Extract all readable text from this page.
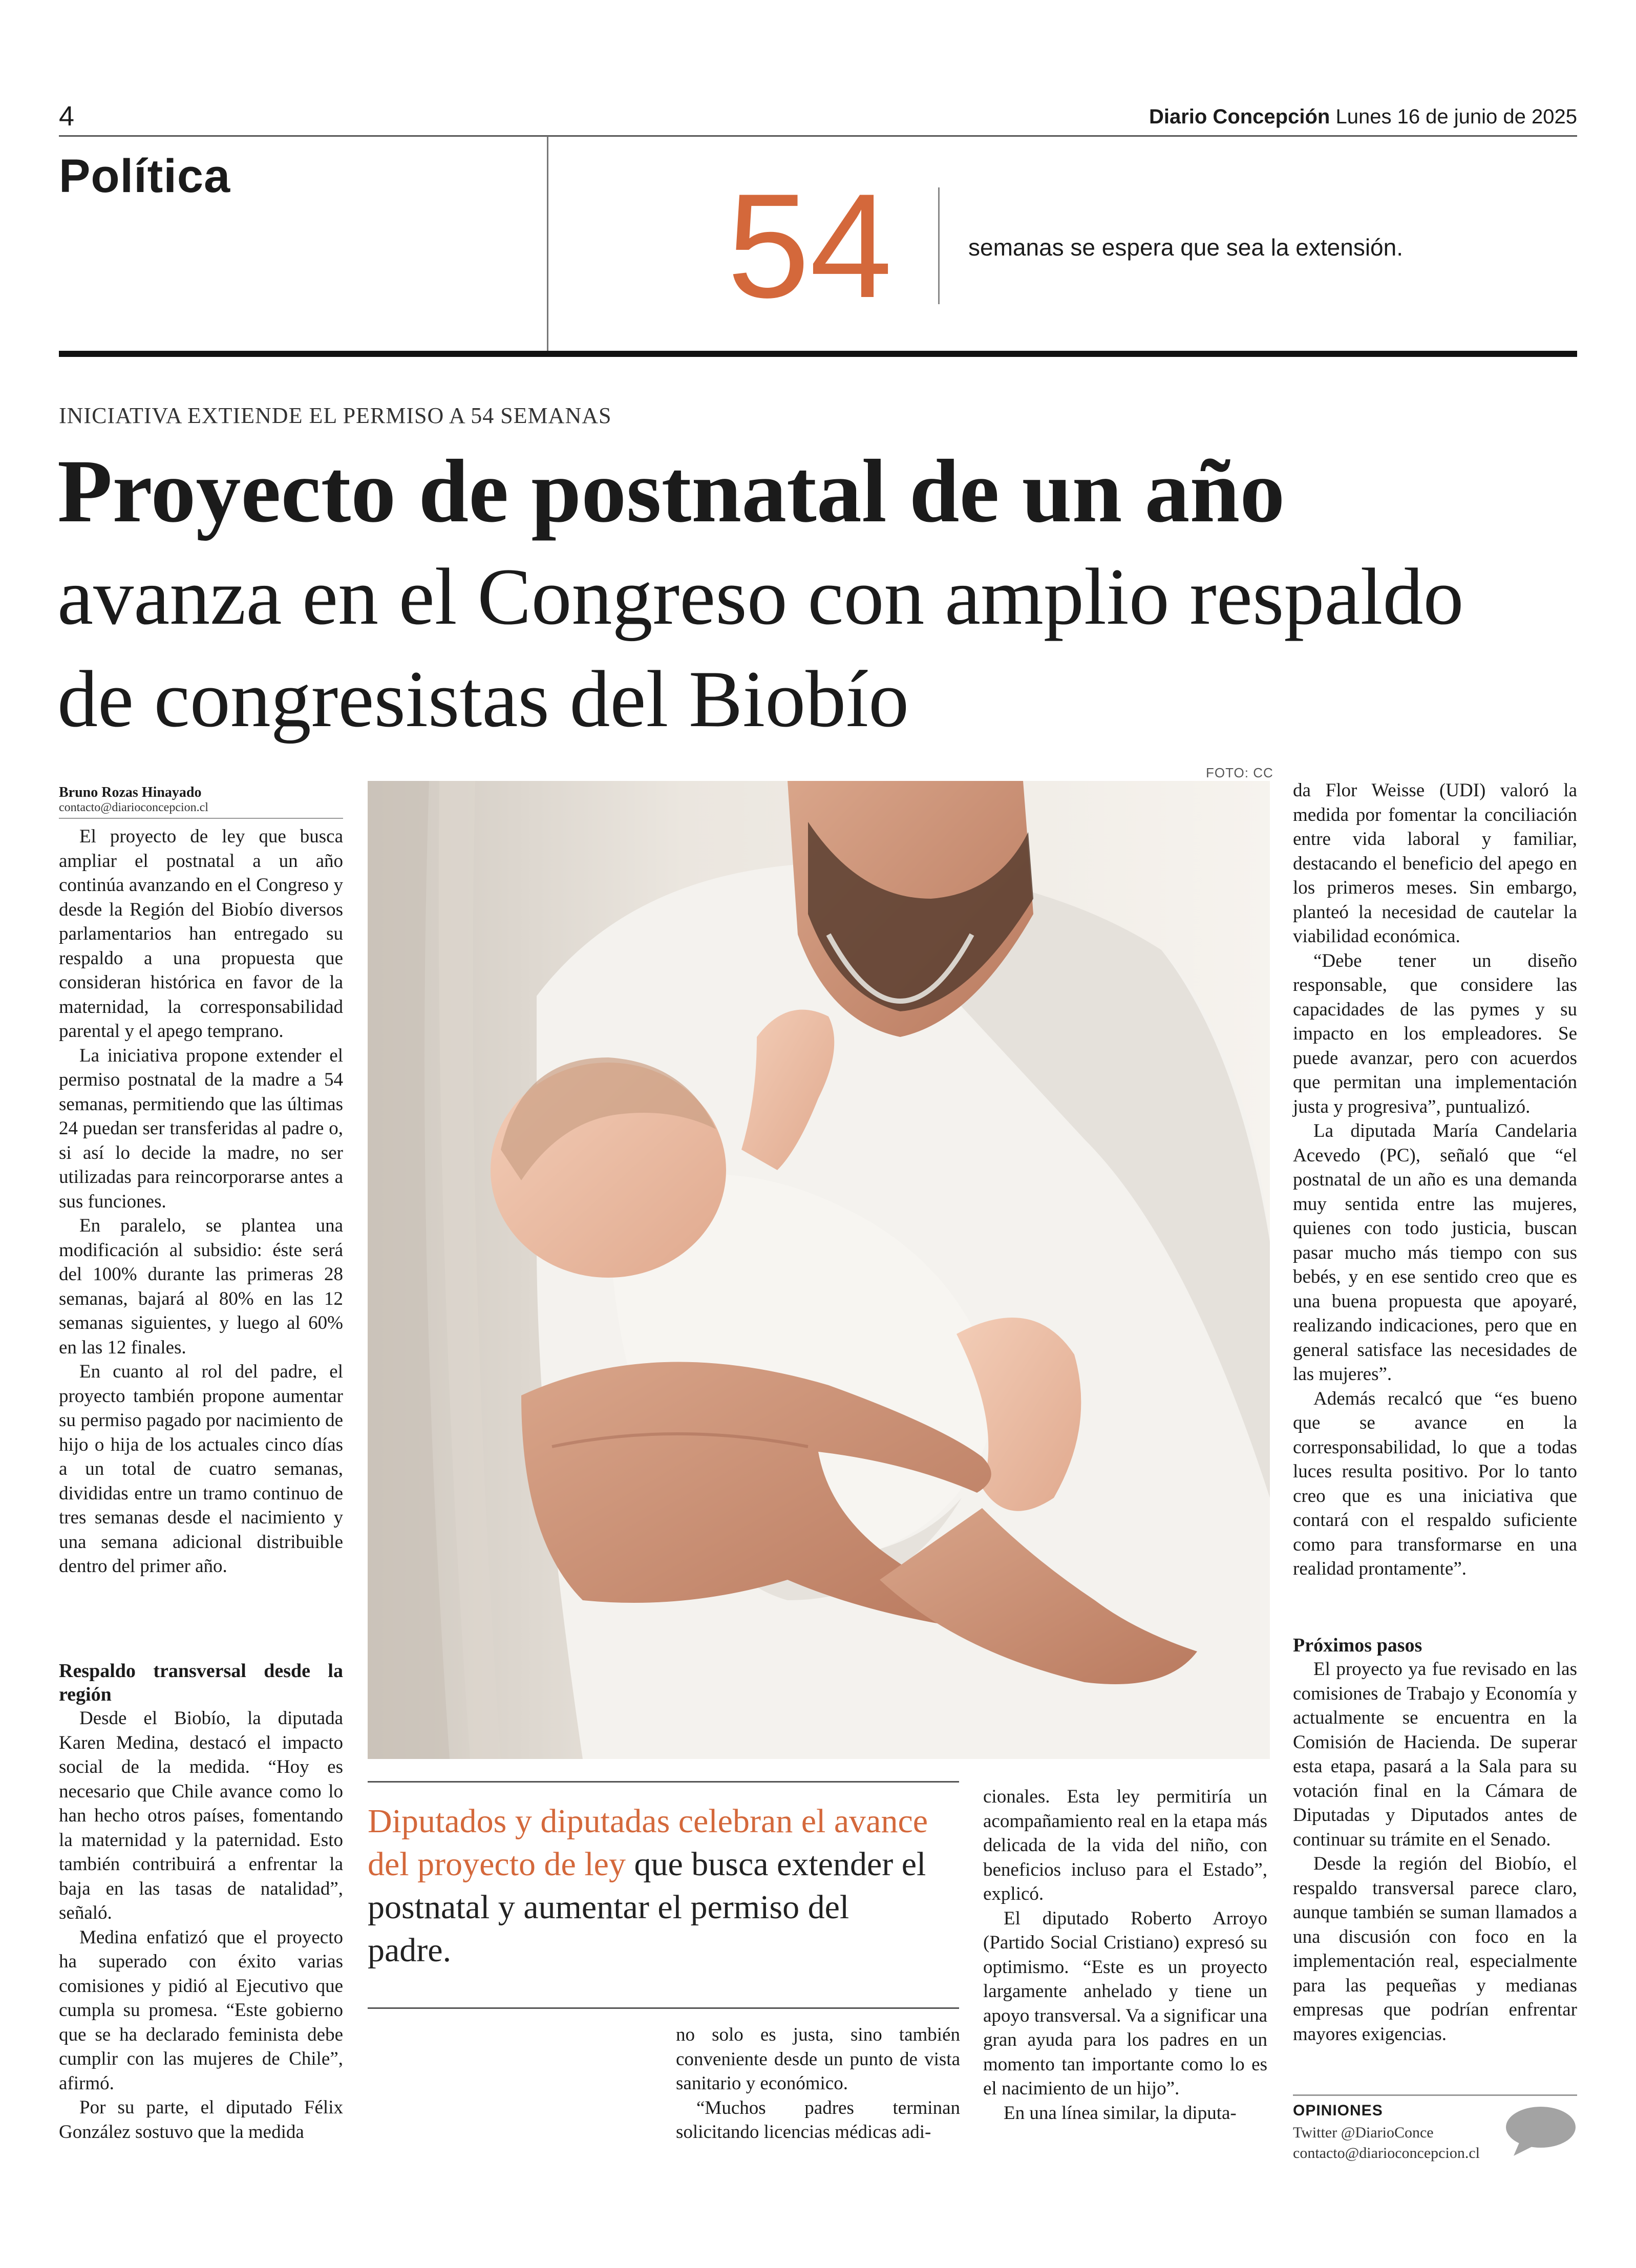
4	Diario Concepción Lunes 16 de junio de 2025
Política	54	semanas se espera que sea la extensión.
INICIATIVA EXTIENDE EL PERMISO A 54 SEMANAS
Proyecto de postnatal de un año
avanza en el Congreso con amplio respaldo de congresistas del Biobío
Bruno Rozas Hinayado
contacto@diarioconcepcion.cl

El proyecto de ley que busca ampliar el postnatal a un año continúa avanzando en el Congreso y desde la Región del Biobío diversos parlamentarios han entregado su respaldo a una propuesta que consideran histórica en favor de la maternidad, la corresponsabilidad parental y el apego temprano.

La iniciativa propone extender el permiso postnatal de la madre a 54 semanas, permitiendo que las últimas 24 puedan ser transferidas al padre o, si así lo decide la madre, no ser utilizadas para reincorporarse antes a sus funciones.

En paralelo, se plantea una modificación al subsidio: éste será del 100% durante las primeras 28 semanas, bajará al 80% en las 12 semanas siguientes, y luego al 60% en las 12 finales.

En cuanto al rol del padre, el proyecto también propone aumentar su permiso pagado por nacimiento de hijo o hija de los actuales cinco días a un total de cuatro semanas, divididas entre un tramo continuo de tres semanas desde el nacimiento y una semana adicional distribuible dentro del primer año.

Respaldo transversal desde la región

Desde el Biobío, la diputada Karen Medina, destacó el impacto social de la medida. “Hoy es necesario que Chile avance como lo han hecho otros países, fomentando la maternidad y la paternidad. Esto también contribuirá a enfrentar la baja en las tasas de natalidad”, señaló.

Medina enfatizó que el proyecto ha superado con éxito varias comisiones y pidió al Ejecutivo que cumpla su promesa. “Este gobierno que se ha declarado feminista debe cumplir con las mujeres de Chile”, afirmó.

Por su parte, el diputado Félix González sostuvo que la medida

FOTO: CC
Diputados y diputadas celebran el avance del proyecto de ley que busca extender el postnatal y aumentar el permiso del padre.

no solo es justa, sino también conveniente desde un punto de vista sanitario y económico.

“Muchos padres terminan solicitando licencias médicas adi-

cionales. Esta ley permitiría un acompañamiento real en la etapa más delicada de la vida del niño, con beneficios incluso para el Estado”, explicó.

El diputado Roberto Arroyo (Partido Social Cristiano) expresó su optimismo. “Este es un proyecto largamente anhelado y tiene un apoyo transversal. Va a significar una gran ayuda para los padres en un momento tan importante como lo es el nacimiento de un hijo”.

En una línea similar, la diputa-

da Flor Weisse (UDI) valoró la medida por fomentar la conciliación entre vida laboral y familiar, destacando el beneficio del apego en los primeros meses. Sin embargo, planteó la necesidad de cautelar la viabilidad económica.

“Debe tener un diseño responsable, que considere las capacidades de las pymes y su impacto en los empleadores. Se puede avanzar, pero con acuerdos que permitan una implementación justa y progresiva”, puntualizó.

La diputada María Candelaria Acevedo (PC), señaló que “el postnatal de un año es una demanda muy sentida entre las mujeres, quienes con todo justicia, buscan pasar mucho más tiempo con sus bebés, y en ese sentido creo que es una buena propuesta que apoyaré, realizando indicaciones, pero que en general satisface las necesidades de las mujeres”.

Además recalcó que “es bueno que se avance en la corresponsabilidad, lo que a todas luces resulta positivo. Por lo tanto creo que es una iniciativa que contará con el respaldo suficiente como para transformarse en una realidad prontamente”.

Próximos pasos

El proyecto ya fue revisado en las comisiones de Trabajo y Economía y actualmente se encuentra en la Comisión de Hacienda. De superar esta etapa, pasará a la Sala para su votación final en la Cámara de Diputadas y Diputados antes de continuar su trámite en el Senado.

Desde la región del Biobío, el respaldo transversal parece claro, aunque también se suman llamados a una discusión con foco en la implementación real, especialmente para las pequeñas y medianas empresas que podrían enfrentar mayores exigencias.

OPINIONES
Twitter @DiarioConce
contacto@diarioconcepcion.cl
